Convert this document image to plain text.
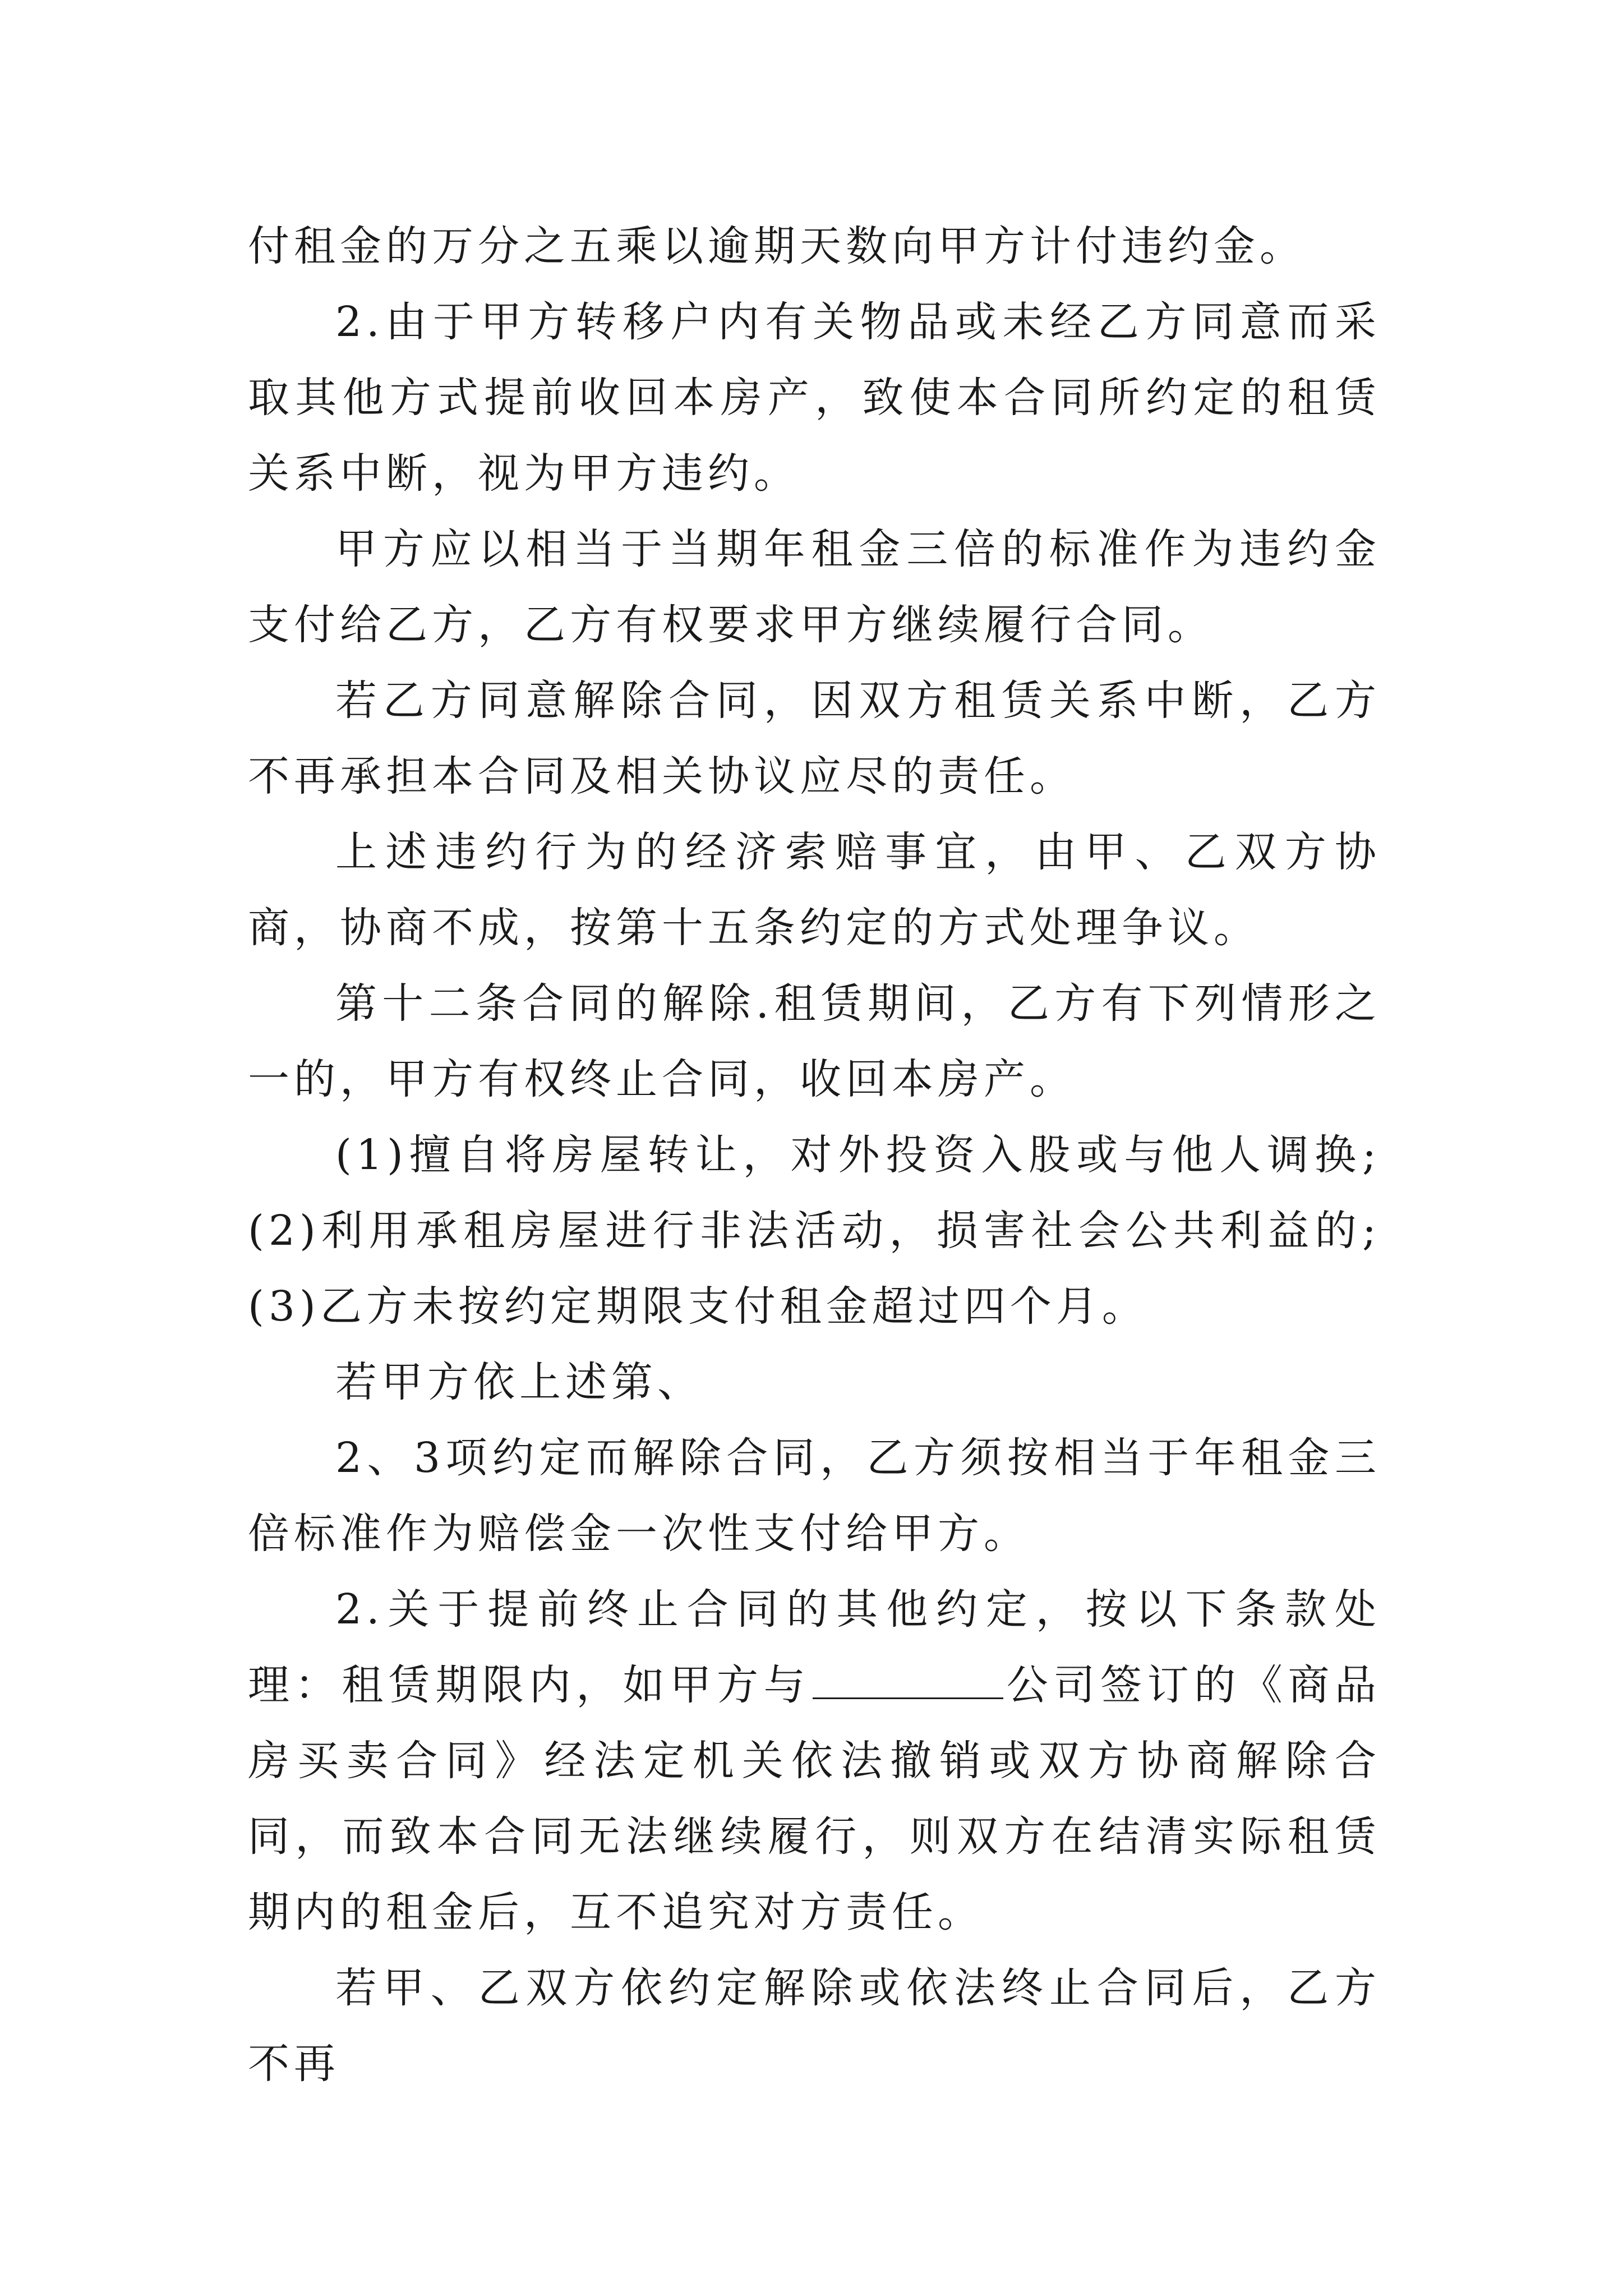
付租金的万分之五乘以逾期天数向甲方计付违约金。

2.由于甲方转移户内有关物品或未经乙方同意而采取其他方式提前收回本房产，致使本合同所约定的租赁关系中断，视为甲方违约。

甲方应以相当于当期年租金三倍的标准作为违约金支付给乙方，乙方有权要求甲方继续履行合同。

若乙方同意解除合同，因双方租赁关系中断，乙方不再承担本合同及相关协议应尽的责任。

上述违约行为的经济索赔事宜，由甲、乙双方协商，协商不成，按第十五条约定的方式处理争议。

第十二条合同的解除.租赁期间，乙方有下列情形之一的，甲方有权终止合同，收回本房产。

(1)擅自将房屋转让，对外投资入股或与他人调换;(2)利用承租房屋进行非法活动，损害社会公共利益的;(3)乙方未按约定期限支付租金超过四个月。

若甲方依上述第、

2、3项约定而解除合同，乙方须按相当于年租金三倍标准作为赔偿金一次性支付给甲方。

2.关于提前终止合同的其他约定，按以下条款处理：租赁期限内，如甲方与	公司签订的《商品房买卖合同》经法定机关依法撤销或双方协商解除合同，而致本合同无法继续履行，则双方在结清实际租赁期内的租金后，互不追究对方责任。

若甲、乙双方依约定解除或依法终止合同后，乙方不再
